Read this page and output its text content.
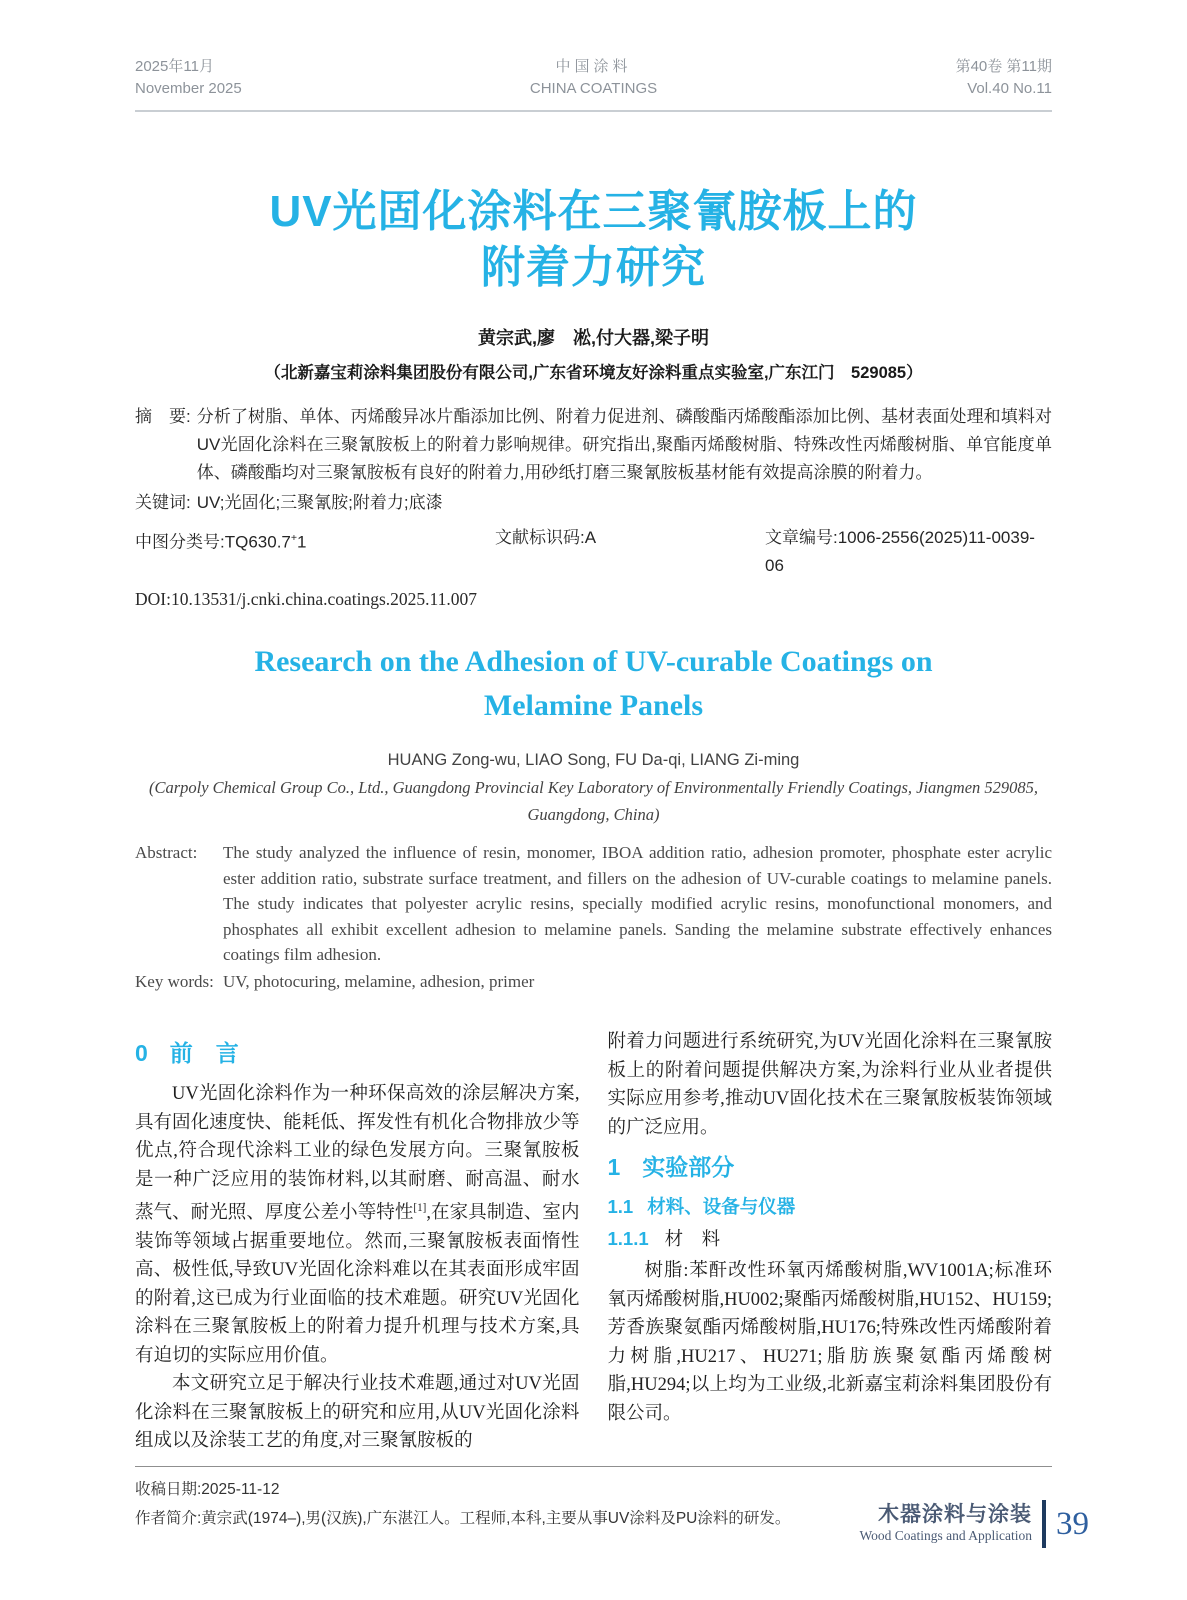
2025年11月
November 2025
中国涂料
CHINA COATINGS
第40卷 第11期
Vol.40 No.11
UV光固化涂料在三聚氰胺板上的
附着力研究
黄宗武,廖　凇,付大器,梁子明
（北新嘉宝莉涂料集团股份有限公司,广东省环境友好涂料重点实验室,广东江门　529085）
摘　要: 分析了树脂、单体、丙烯酸异冰片酯添加比例、附着力促进剂、磷酸酯丙烯酸酯添加比例、基材表面处理和填料对UV光固化涂料在三聚氰胺板上的附着力影响规律。研究指出,聚酯丙烯酸树脂、特殊改性丙烯酸树脂、单官能度单体、磷酸酯均对三聚氰胺板有良好的附着力,用砂纸打磨三聚氰胺板基材能有效提高涂膜的附着力。
关键词: UV;光固化;三聚氰胺;附着力;底漆
中图分类号:TQ630.7+1	文献标识码:A	文章编号:1006-2556(2025)11-0039-06
DOI:10.13531/j.cnki.china.coatings.2025.11.007
Research on the Adhesion of UV-curable Coatings on
Melamine Panels
HUANG Zong-wu, LIAO Song, FU Da-qi, LIANG Zi-ming
(Carpoly Chemical Group Co., Ltd., Guangdong Provincial Key Laboratory of Environmentally Friendly Coatings, Jiangmen 529085, Guangdong, China)
Abstract:	The study analyzed the influence of resin, monomer, IBOA addition ratio, adhesion promoter, phosphate ester acrylic ester addition ratio, substrate surface treatment, and fillers on the adhesion of UV-curable coatings to melamine panels. The study indicates that polyester acrylic resins, specially modified acrylic resins, monofunctional monomers, and phosphates all exhibit excellent adhesion to melamine panels. Sanding the melamine substrate effectively enhances coatings film adhesion.
Key words: UV, photocuring, melamine, adhesion, primer
0 前　言

UV光固化涂料作为一种环保高效的涂层解决方案,具有固化速度快、能耗低、挥发性有机化合物排放少等优点,符合现代涂料工业的绿色发展方向。三聚氰胺板是一种广泛应用的装饰材料,以其耐磨、耐高温、耐水蒸气、耐光照、厚度公差小等特性[1],在家具制造、室内装饰等领域占据重要地位。然而,三聚氰胺板表面惰性高、极性低,导致UV光固化涂料难以在其表面形成牢固的附着,这已成为行业面临的技术难题。研究UV光固化涂料在三聚氰胺板上的附着力提升机理与技术方案,具有迫切的实际应用价值。

本文研究立足于解决行业技术难题,通过对UV光固化涂料在三聚氰胺板上的研究和应用,从UV光固化涂料组成以及涂装工艺的角度,对三聚氰胺板的

附着力问题进行系统研究,为UV光固化涂料在三聚氰胺板上的附着问题提供解决方案,为涂料行业从业者提供实际应用参考,推动UV固化技术在三聚氰胺板装饰领域的广泛应用。

1 实验部分
1.1 材料、设备与仪器
1.1.1 材　料

树脂:苯酐改性环氧丙烯酸树脂,WV1001A;标准环氧丙烯酸树脂,HU002;聚酯丙烯酸树脂,HU152、HU159;芳香族聚氨酯丙烯酸树脂,HU176;特殊改性丙烯酸附着力树脂,HU217、HU271;脂肪族聚氨酯丙烯酸树脂,HU294;以上均为工业级,北新嘉宝莉涂料集团股份有限公司。

收稿日期:2025-11-12
作者简介:黄宗武(1974–),男(汉族),广东湛江人。工程师,本科,主要从事UV涂料及PU涂料的研发。	木器涂料与涂装
Wood Coatings and Application 39
